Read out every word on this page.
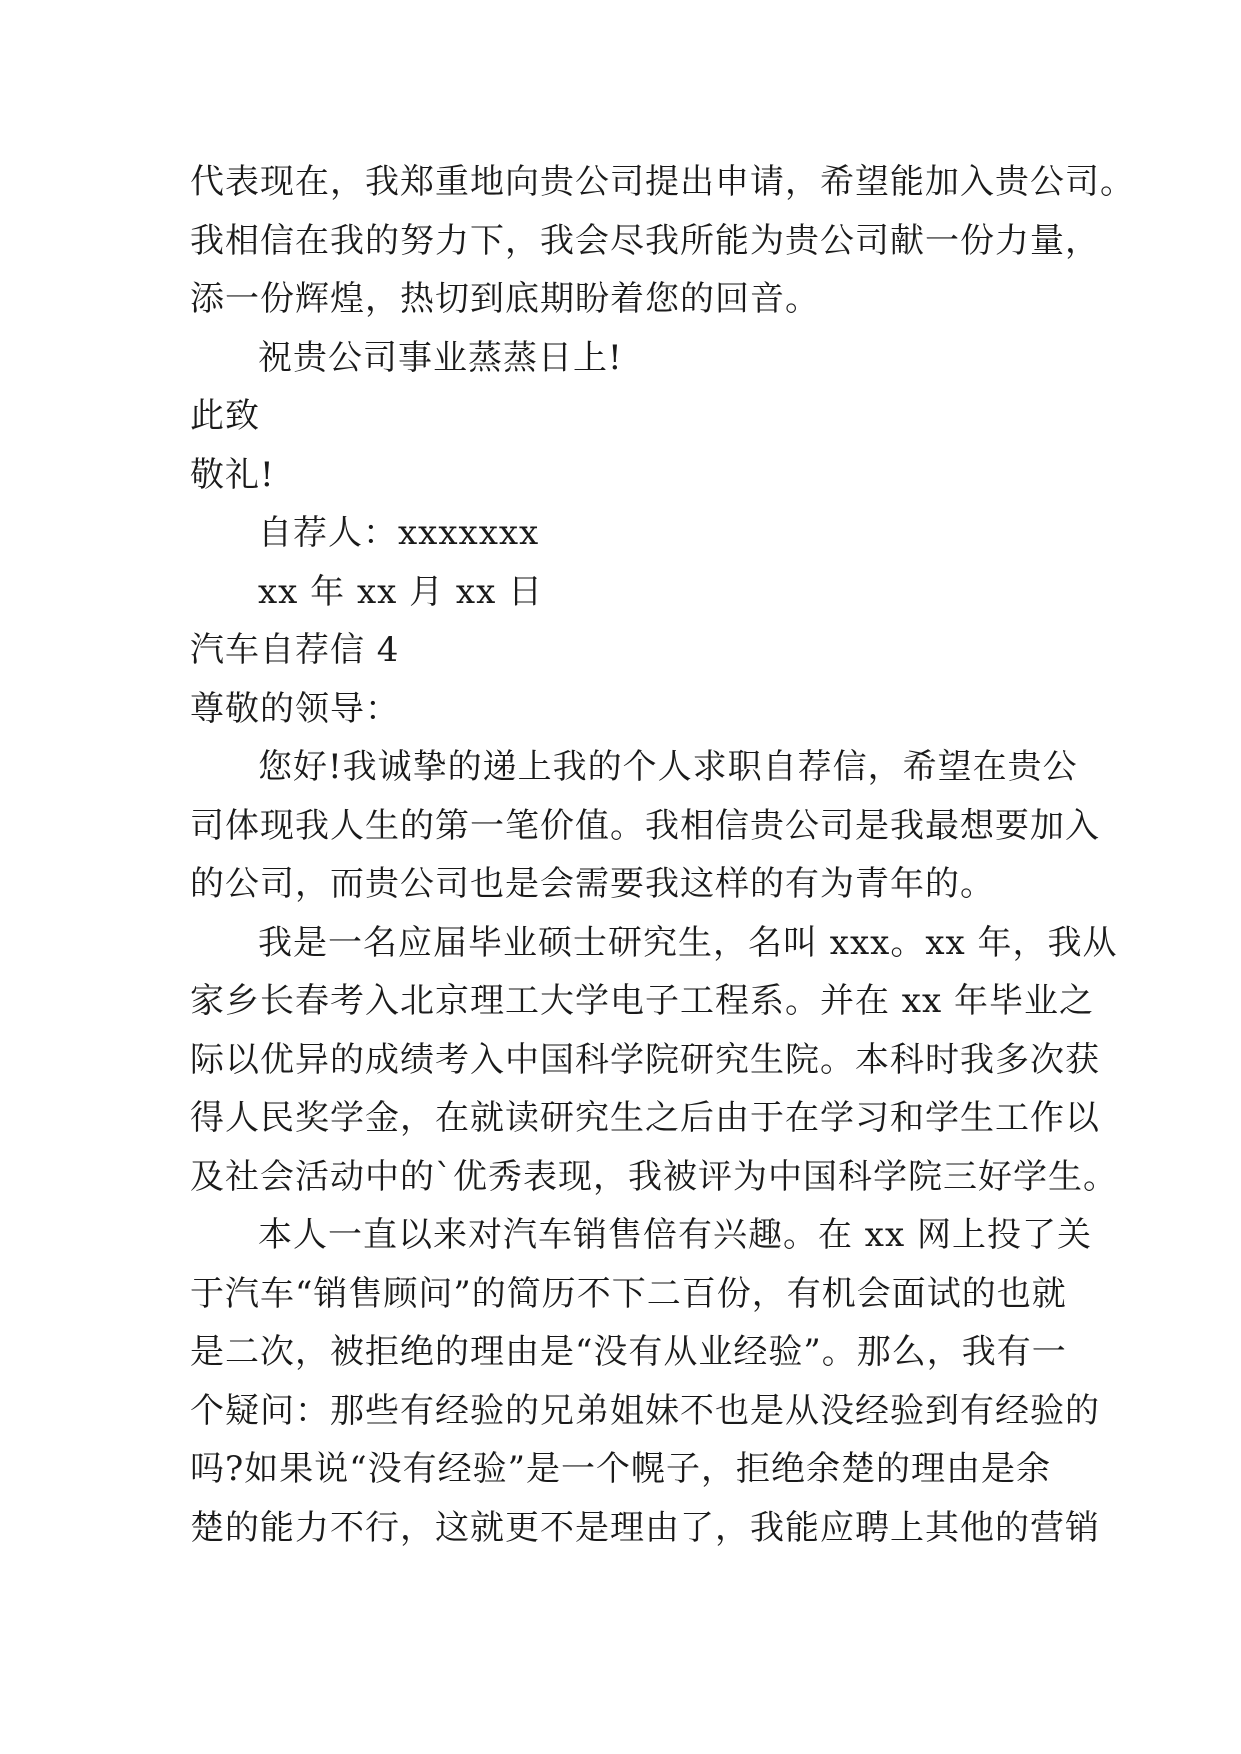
代表现在，我郑重地向贵公司提出申请，希望能加入贵公司。
我相信在我的努力下，我会尽我所能为贵公司献一份力量，
添一份辉煌，热切到底期盼着您的回音。
祝贵公司事业蒸蒸日上!
此致
敬礼!
自荐人：xxxxxxx
xx 年 xx 月 xx 日
汽车自荐信 4
尊敬的领导：
您好!我诚挚的递上我的个人求职自荐信，希望在贵公
司体现我人生的第一笔价值。我相信贵公司是我最想要加入
的公司，而贵公司也是会需要我这样的有为青年的。
我是一名应届毕业硕士研究生，名叫 xxx。xx 年，我从
家乡长春考入北京理工大学电子工程系。并在 xx 年毕业之
际以优异的成绩考入中国科学院研究生院。本科时我多次获
得人民奖学金，在就读研究生之后由于在学习和学生工作以
及社会活动中的`优秀表现，我被评为中国科学院三好学生。
本人一直以来对汽车销售倍有兴趣。在 xx 网上投了关
于汽车“销售顾问”的简历不下二百份，有机会面试的也就
是二次，被拒绝的理由是“没有从业经验”。那么，我有一
个疑问：那些有经验的兄弟姐妹不也是从没经验到有经验的
吗?如果说“没有经验”是一个幌子，拒绝余楚的理由是余
楚的能力不行，这就更不是理由了，我能应聘上其他的营销
